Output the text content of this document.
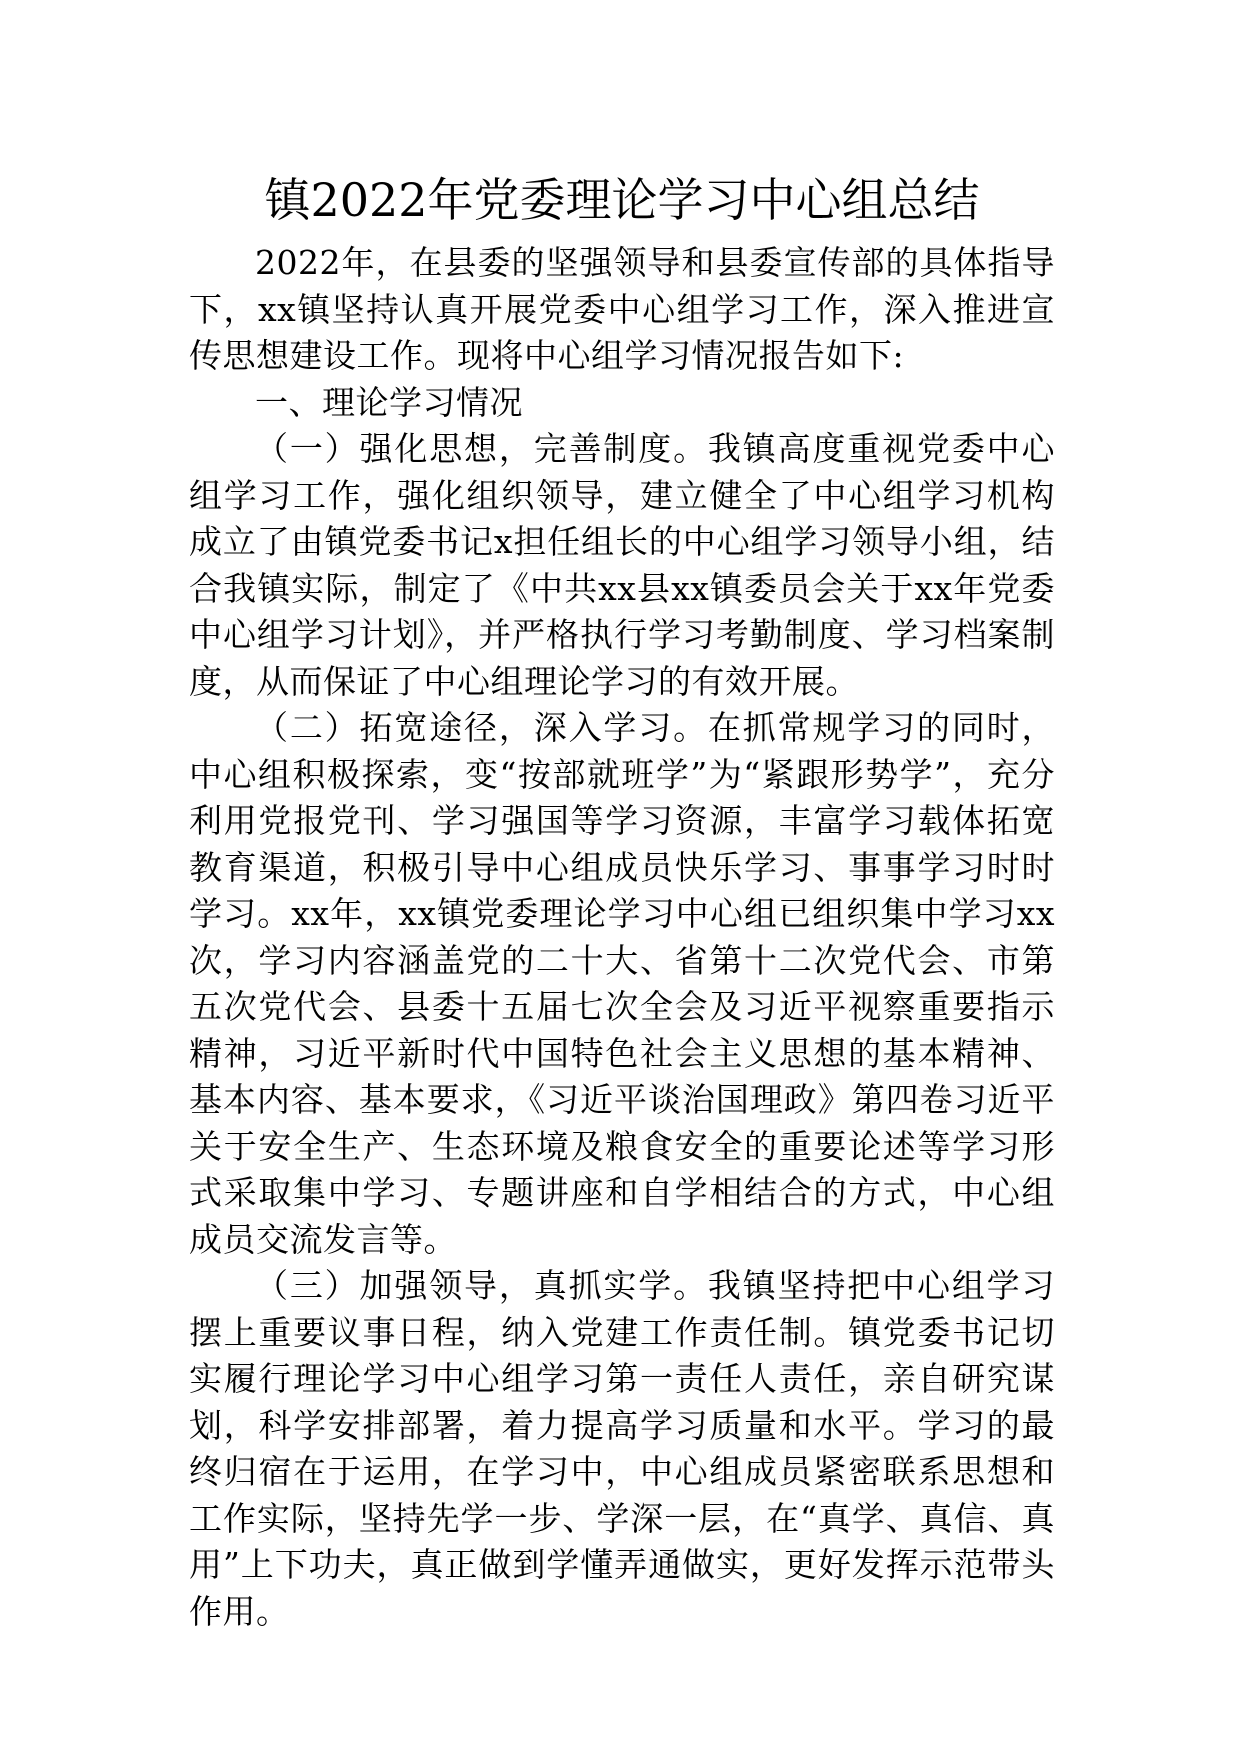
镇2022年党委理论学习中心组总结

2022年，在县委的坚强领导和县委宣传部的具体指导下，xx镇坚持认真开展党委中心组学习工作，深入推进宣传思想建设工作。现将中心组学习情况报告如下:

一、理论学习情况

（一）强化思想，完善制度。我镇高度重视党委中心组学习工作，强化组织领导，建立健全了中心组学习机构成立了由镇党委书记x担任组长的中心组学习领导小组，结合我镇实际，制定了《中共xx县xx镇委员会关于xx年党委中心组学习计划》，并严格执行学习考勤制度、学习档案制度，从而保证了中心组理论学习的有效开展。

（二）拓宽途径，深入学习。在抓常规学习的同时，中心组积极探索，变“按部就班学”为“紧跟形势学”，充分利用党报党刊、学习强国等学习资源，丰富学习载体拓宽教育渠道，积极引导中心组成员快乐学习、事事学习时时学习。xx年，xx镇党委理论学习中心组已组织集中学习xx次，学习内容涵盖党的二十大、省第十二次党代会、市第五次党代会、县委十五届七次全会及习近平视察重要指示精神，习近平新时代中国特色社会主义思想的基本精神、基本内容、基本要求，《习近平谈治国理政》第四卷习近平关于安全生产、生态环境及粮食安全的重要论述等学习形式采取集中学习、专题讲座和自学相结合的方式，中心组成员交流发言等。

（三）加强领导，真抓实学。我镇坚持把中心组学习摆上重要议事日程，纳入党建工作责任制。镇党委书记切实履行理论学习中心组学习第一责任人责任，亲自研究谋划，科学安排部署，着力提高学习质量和水平。学习的最终归宿在于运用，在学习中，中心组成员紧密联系思想和工作实际，坚持先学一步、学深一层，在“真学、真信、真用”上下功夫，真正做到学懂弄通做实，更好发挥示范带头作用。
